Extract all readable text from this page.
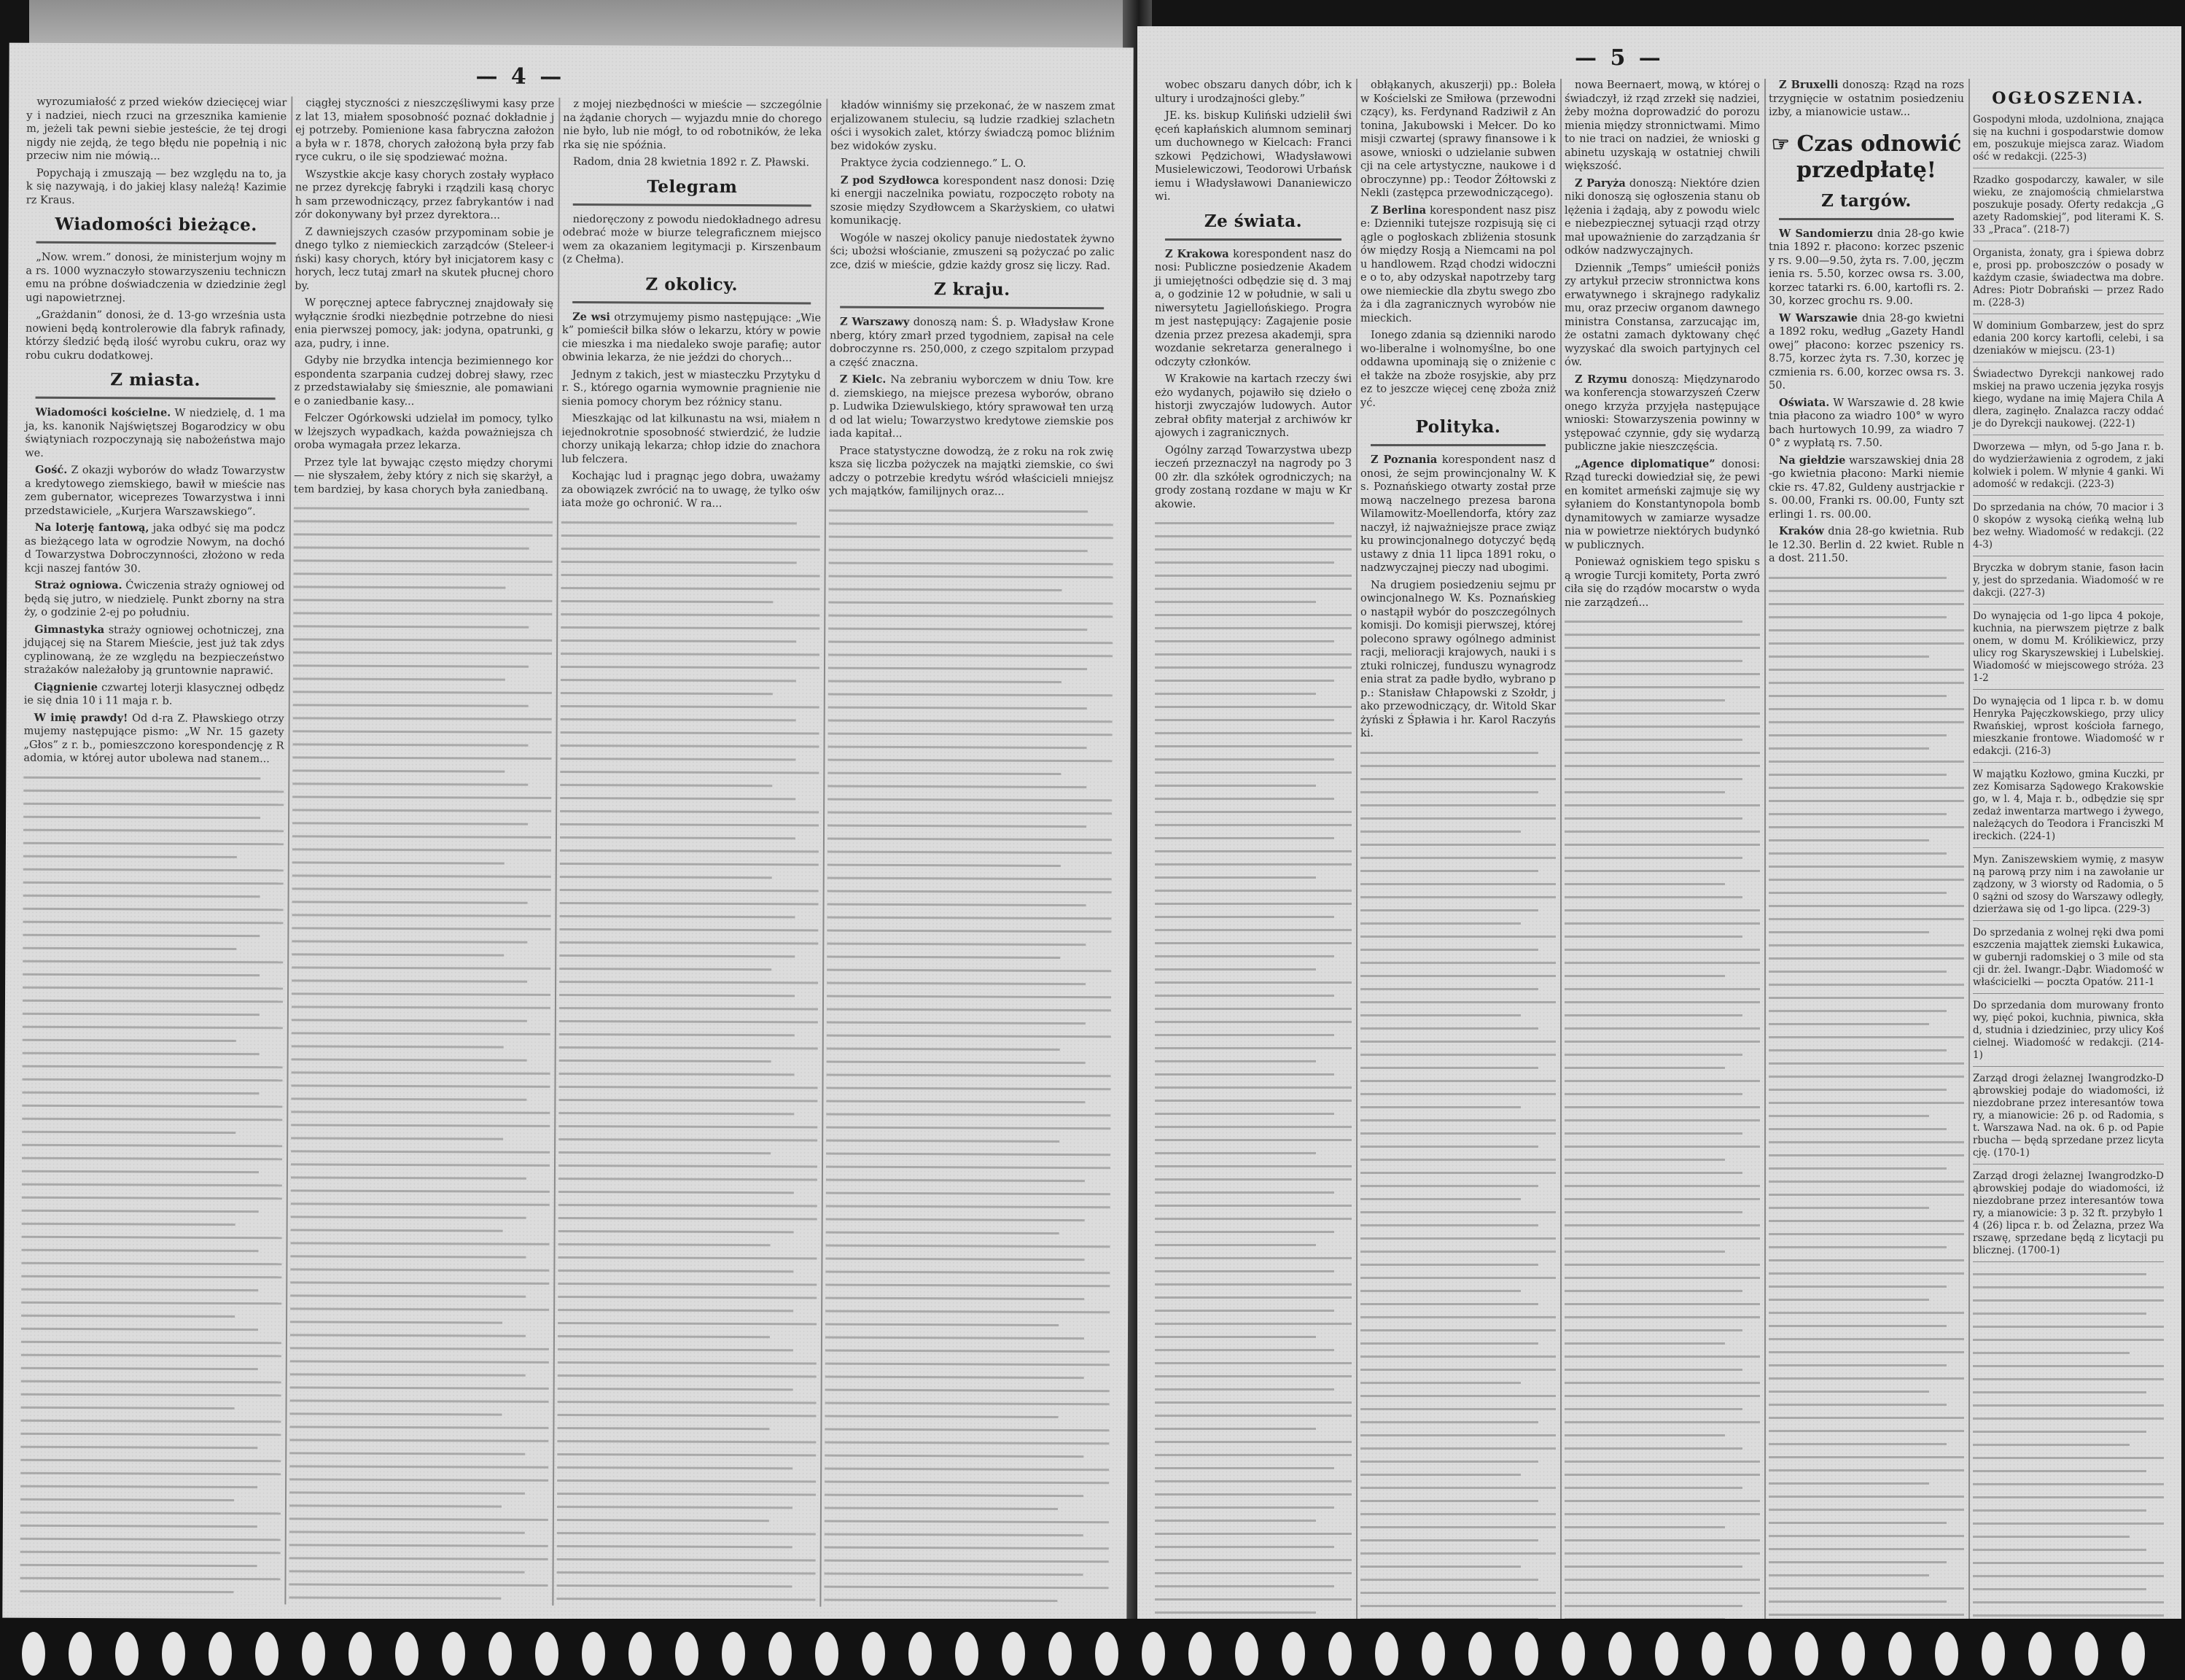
— 4 —

wyrozumiałość z przed wieków dziecięcej wiary i nadziei, niech rzuci na grzesznika kamieniem, jeżeli tak pewni siebie jesteście, że tej drogi nigdy nie zejdą, że tego błędu nie popełnią i nic przeciw nim nie mówią...

Popychają i zmuszają — bez względu na to, jak się nazywają, i do jakiej klasy należą! Kazimierz Kraus.

Wiadomości bieżące.

„Now. wrem.” donosi, że ministerjum wojny ma rs. 1000 wyznaczyło stowarzyszeniu technicznemu na próbne doświadczenia w dziedzinie żeglugi napowietrznej.

„Grażdanin” donosi, że d. 13-go września ustanowieni będą kontrolerowie dla fabryk rafinady, którzy śledzić będą ilość wyrobu cukru, oraz wyrobu cukru dodatkowej.

Z miasta.

Wiadomości kościelne. W niedzielę, d. 1 maja, ks. kanonik Najświętszej Bogarodzicy w obu świątyniach rozpoczynają się nabożeństwa majowe.

Gość. Z okazji wyborów do władz Towarzystwa kredytowego ziemskiego, bawił w mieście naszem gubernator, wiceprezes Towarzystwa i inni przedstawiciele, „Kurjera Warszawskiego”.

Na loterję fantową, jaka odbyć się ma podczas bieżącego lata w ogrodzie Nowym, na dochód Towarzystwa Dobroczynności, złożono w redakcji naszej fantów 30.

Straż ogniowa. Ćwiczenia straży ogniowej odbędą się jutro, w niedzielę. Punkt zborny na straży, o godzinie 2-ej po południu.

Gimnastyka straży ogniowej ochotniczej, znajdującej się na Starem Mieście, jest już tak zdyscyplinowaną, że ze względu na bezpieczeństwo strażaków należałoby ją gruntownie naprawić.

Ciągnienie czwartej loterji klasycznej odbędzie się dnia 10 i 11 maja r. b.

W imię prawdy! Od d-ra Z. Pławskiego otrzymujemy następujące pismo: „W Nr. 15 gazety „Głos” z r. b., pomieszczono korespondencję z Radomia, w której autor ubolewa nad stanem...

ciągłej styczności z nieszczęśliwymi kasy przez lat 13, miałem sposobność poznać dokładnie jej potrzeby. Pomienione kasa fabryczna założona była w r. 1878, chorych założoną była przy fabryce cukru, o ile się spodziewać można.

Wszystkie akcje kasy chorych zostały wypłacone przez dyrekcję fabryki i rządzili kasą chorych sam przewodniczący, przez fabrykantów i nadzór dokonywany był przez dyrektora...

Z dawniejszych czasów przypominam sobie jednego tylko z niemieckich zarządców (Steleer-iński) kasy chorych, który był inicjatorem kasy chorych, lecz tutaj zmarł na skutek płucnej choroby.

W poręcznej aptece fabrycznej znajdowały się wyłącznie środki niezbędnie potrzebne do niesienia pierwszej pomocy, jak: jodyna, opatrunki, gaza, pudry, i inne.

Gdyby nie brzydka intencja bezimiennego korespondenta szarpania cudzej dobrej sławy, rzecz przedstawiałaby się śmiesznie, ale pomawianie o zaniedbanie kasy...

Felczer Ogórkowski udzielał im pomocy, tylko w lżejszych wypadkach, każda poważniejsza choroba wymagała przez lekarza.

Przez tyle lat bywając często między chorymi — nie słyszałem, żeby który z nich się skarżył, a tem bardziej, by kasa chorych była zaniedbaną.

z mojej niezbędności w mieście — szczególnie na żądanie chorych — wyjazdu mnie do chorego nie było, lub nie mógł, to od robotników, że lekarka się nie spóźnia.

Radom, dnia 28 kwietnia 1892 r. Z. Pławski.

Telegram

niedoręczony z powodu niedokładnego adresu odebrać może w biurze telegraficznem miejscowem za okazaniem legitymacji p. Kirszenbaum (z Chełma).

Z okolicy.

Ze wsi otrzymujemy pismo następujące: „Wiek” pomieścił bilka słów o lekarzu, który w powiecie mieszka i ma niedaleko swoje parafię; autor obwinia lekarza, że nie jeździ do chorych...

Jednym z takich, jest w miasteczku Przytyku dr. S., którego ogarnia wymownie pragnienie niesienia pomocy chorym bez różnicy stanu.

Mieszkając od lat kilkunastu na wsi, miałem niejednokrotnie sposobność stwierdzić, że ludzie chorzy unikają lekarza; chłop idzie do znachora lub felczera.

Kochając lud i pragnąc jego dobra, uważamy za obowiązek zwrócić na to uwagę, że tylko oświata może go ochronić. W ra...

kładów winniśmy się przekonać, że w naszem zmaterjalizowanem stuleciu, są ludzie rzadkiej szlachetności i wysokich zalet, którzy świadczą pomoc bliźnim bez widoków zysku.

Praktyce życia codziennego.” L. O.

Z pod Szydłowca korespondent nasz donosi: Dzięki energji naczelnika powiatu, rozpoczęto roboty na szosie między Szydłowcem a Skarżyskiem, co ułatwi komunikację.

Wogóle w naszej okolicy panuje niedostatek żywności; ubożsi włościanie, zmuszeni są pożyczać po zaliczce, dziś w mieście, gdzie każdy grosz się liczy. Rad.

Z kraju.

Z Warszawy donoszą nam: Ś. p. Władysław Kronenberg, który zmarł przed tygodniem, zapisał na cele dobroczynne rs. 250,000, z czego szpitalom przypada część znaczna.

Z Kielc. Na zebraniu wyborczem w dniu Tow. kred. ziemskiego, na miejsce prezesa wyborów, obrano p. Ludwika Dziewulskiego, który sprawował ten urząd od lat wielu; Towarzystwo kredytowe ziemskie posiada kapitał...

Prace statystyczne dowodzą, że z roku na rok zwiększa się liczba pożyczek na majątki ziemskie, co świadczy o potrzebie kredytu wśród właścicieli mniejszych majątków, familijnych oraz...

— 5 —

wobec obszaru danych dóbr, ich kultury i urodzajności gleby.”

JE. ks. biskup Kuliński udzielił święceń kapłańskich alumnom seminarjum duchownego w Kielcach: Franciszkowi Pędzichowi, Władysławowi Musielewiczowi, Teodorowi Urbańskiemu i Władysławowi Dananiewiczowi.

Ze świata.

Z Krakowa korespondent nasz donosi: Publiczne posiedzenie Akademji umiejętności odbędzie się d. 3 maja, o godzinie 12 w południe, w sali uniwersytetu Jagiellońskiego. Program jest następujący: Zagajenie posiedzenia przez prezesa akademji, sprawozdanie sekretarza generalnego i odczyty członków.

W Krakowie na kartach rzeczy świeżo wydanych, pojawiło się dzieło o historji zwyczajów ludowych. Autor zebrał obfity materjał z archiwów krajowych i zagranicznych.

Ogólny zarząd Towarzystwa ubezpieczeń przeznaczył na nagrody po 300 złr. dla szkółek ogrodniczych; nagrody zostaną rozdane w maju w Krakowie.

obłąkanych, akuszerji) pp.: Boleław Kościelski ze Smiłowa (przewodniczący), ks. Ferdynand Radziwił z Antonina, Jakubowski i Mełcer. Do komisji czwartej (sprawy finansowe i kasowe, wnioski o udzielanie subwencji na cele artystyczne, naukowe i dobroczynne) pp.: Teodor Żółtowski z Nekli (zastępca przewodniczącego).

Z Berlina korespondent nasz pisze: Dzienniki tutejsze rozpisują się ciągle o pogłoskach zbliżenia stosunków między Rosją a Niemcami na polu handlowem. Rząd chodzi widocznie o to, aby odzyskał napotrzeby targowe niemieckie dla zbytu swego zboża i dla zagranicznych wyrobów niemieckich.

Ionego zdania są dzienniki narodowo-liberalne i wolnomyślne, bo one oddawna upominają się o zniżenie ceł także na zboże rosyjskie, aby przez to jeszcze więcej cenę zboża zniżyć.

Polityka.

Z Poznania korespondent nasz donosi, że sejm prowincjonalny W. Ks. Poznańskiego otwarty został przemową naczelnego prezesa barona Wilamowitz-Moellendorfa, który zaznaczył, iż najważniejsze prace związku prowincjonalnego dotyczyć będą ustawy z dnia 11 lipca 1891 roku, o nadzwyczajnej pieczy nad ubogimi.

Na drugiem posiedzeniu sejmu prowincjonalnego W. Ks. Poznańskiego nastąpił wybór do poszczególnych komisji. Do komisji pierwszej, której polecono sprawy ogólnego administracji, melioracji krajowych, nauki i sztuki rolniczej, funduszu wynagrodzenia strat za padłe bydło, wybrano pp.: Stanisław Chłapowski z Szołdr, jako przewodniczący, dr. Witold Skarżyński z Śpławia i hr. Karol Raczyński.

nowa Beernaert, mową, w której oświadczył, iż rząd zrzekł się nadziei, żeby można doprowadzić do porozumienia między stronnictwami. Mimo to nie traci on nadziei, że wnioski gabinetu uzyskają w ostatniej chwili większość.

Z Paryża donoszą: Niektóre dzienniki donoszą się ogłoszenia stanu oblężenia i żądają, aby z powodu wielce niebezpiecznej sytuacji rząd otrzymał upoważnienie do zarządzania środków nadzwyczajnych.

Dziennik „Temps” umieścił poniższy artykuł przeciw stronnictwa konserwatywnego i skrajnego radykalizmu, oraz przeciw organom dawnego ministra Constansa, zarzucając im, że ostatni zamach dyktowany chęć wyzyskać dla swoich partyjnych celów.

Z Rzymu donoszą: Międzynarodowa konferencja stowarzyszeń Czerwonego krzyża przyjęła następujące wnioski: Stowarzyszenia powinny występować czynnie, gdy się wydarzą publiczne jakie nieszczęścia.

„Agence diplomatique” donosi: Rząd turecki dowiedział się, że pewien komitet armeński zajmuje się wysyłaniem do Konstantynopola bomb dynamitowych w zamiarze wysadzenia w powietrze niektórych budynków publicznych.

Ponieważ ogniskiem tego spisku są wrogie Turcji komitety, Porta zwróciła się do rządów mocarstw o wydanie zarządzeń...

Z Bruxelli donoszą: Rząd na rozstrzygnięcie w ostatnim posiedzeniu izby, a mianowicie ustaw...

☞ Czas odnowić przedpłatę!
Z targów.

W Sandomierzu dnia 28-go kwietnia 1892 r. płacono: korzec pszenicy rs. 9.00—9.50, żyta rs. 7.00, jęczmienia rs. 5.50, korzec owsa rs. 3.00, korzec tatarki rs. 6.00, kartofli rs. 2.30, korzec grochu rs. 9.00.

W Warszawie dnia 28-go kwietnia 1892 roku, według „Gazety Handlowej” płacono: korzec pszenicy rs. 8.75, korzec żyta rs. 7.30, korzec jęczmienia rs. 6.00, korzec owsa rs. 3.50.

Oświata. W Warszawie d. 28 kwietnia płacono za wiadro 100° w wyrobach hurtowych 10.99, za wiadro 70° z wypłatą rs. 7.50.

Na giełdzie warszawskiej dnia 28-go kwietnia płacono: Marki niemieckie rs. 47.82, Guldeny austrjackie rs. 00.00, Franki rs. 00.00, Funty szterlingi 1. rs. 00.00.

Kraków dnia 28-go kwietnia. Ruble 12.30. Berlin d. 22 kwiet. Ruble na dost. 211.50.

OGŁOSZENIA.
Gospodyni młoda, uzdolniona, znająca się na kuchni i gospodarstwie domowem, poszukuje miejsca zaraz. Wiadomość w redakcji. (225-3)
Rzadko gospodarczy, kawaler, w sile wieku, ze znajomością chmielarstwa poszukuje posady. Oferty redakcja „Gazety Radomskiej”, pod literami K. S. 33 „Praca”. (218-7)
Organista, żonaty, gra i śpiewa dobrze, prosi pp. proboszczów o posady w każdym czasie, świadectwa ma dobre. Adres: Piotr Dobrański — przez Radom. (228-3)
W dominium Gombarzew, jest do sprzedania 200 korcy kartofli, celebi, i sadzeniaków w miejscu. (23-1)
Świadectwo Dyrekcji nankowej radomskiej na prawo uczenia języka rosyjskiego, wydane na imię Majera Chila Adlera, zaginęło. Znalazca raczy oddać je do Dyrekcji naukowej. (222-1)
Dworzewa — młyn, od 5-go Jana r. b. do wydzierżawienia z ogrodem, z jakikolwiek i polem. W młynie 4 ganki. Wiadomość w redakcji. (223-3)
Do sprzedania na chów, 70 macior i 30 skopów z wysoką cieńką wełną lub bez wełny. Wiadomość w redakcji. (224-3)
Bryczka w dobrym stanie, fason łaciny, jest do sprzedania. Wiadomość w redakcji. (227-3)
Do wynajęcia od 1-go lipca 4 pokoje, kuchnia, na pierwszem piętrze z balkonem, w domu M. Królikiewicz, przy ulicy rog Skaryszewskiej i Lubelskiej. Wiadomość w miejscowego stróża. 231-2
Do wynajęcia od 1 lipca r. b. w domu Henryka Pajęczkowskiego, przy ulicy Rwańskiej, wprost kościoła farnego, mieszkanie frontowe. Wiadomość w redakcji. (216-3)
W majątku Kozłowo, gmina Kuczki, przez Komisarza Sądowego Krakowskiego, w l. 4, Maja r. b., odbędzie się sprzedaż inwentarza martwego i żywego, należących do Teodora i Franciszki Mireckich. (224-1)
Myn. Zaniszewskiem wymię, z masywną parową przy nim i na zawołanie urządzony, w 3 wiorsty od Radomia, o 50 sążni od szosy do Warszawy odległy, dzierżawa się od 1-go lipca. (229-3)
Do sprzedania z wolnej ręki dwa pomieszczenia mająttek ziemski Łukawica, w gubernji radomskiej o 3 mile od stacji dr. żel. Iwangr.-Dąbr. Wiadomość w właścicielki — poczta Opatów. 211-1
Do sprzedania dom murowany frontowy, pięć pokoi, kuchnia, piwnica, skład, studnia i dziedziniec, przy ulicy Kościelnej. Wiadomość w redakcji. (214-1)
Zarząd drogi żelaznej Iwangrodzko-Dąbrowskiej podaje do wiadomości, iż niezdobrane przez interesantów towary, a mianowicie: 26 p. od Radomia, st. Warszawa Nad. na ok. 6 p. od Papierbucha — będą sprzedane przez licytację. (170-1)
Zarząd drogi żelaznej Iwangrodzko-Dąbrowskiej podaje do wiadomości, iż niezdobrane przez interesantów towary, a mianowicie: 3 p. 32 ft. przybyło 14 (26) lipca r. b. od Żelazna, przez Warszawę, sprzedane będą z licytacji publicznej. (1700-1)
